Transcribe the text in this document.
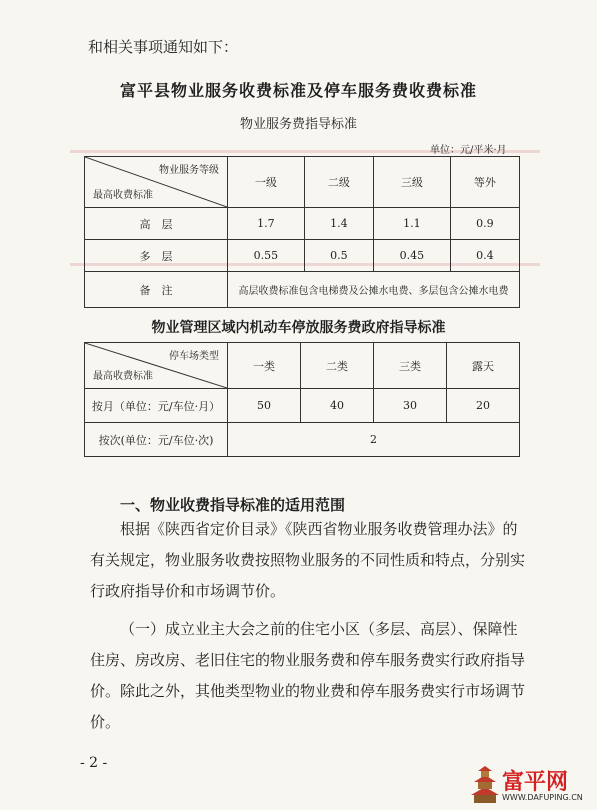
和相关事项通知如下：
富平县物业服务收费标准及停车服务费收费标准
物业服务费指导标准
单位：元/平米·月
物业服务等级
最高收费标准	一级	二级	三级	等外
高　层	1.7	1.4	1.1	0.9
多　层	0.55	0.5	0.45	0.4
备　注	高层收费标准包含电梯费及公摊水电费、多层包含公摊水电费			
物业管理区域内机动车停放服务费政府指导标准
停车场类型
最高收费标准	一类	二类	三类	露天
按月（单位：元/车位·月）	50	40	30	20
按次(单位：元/车位·次)	2			
一、物业收费指导标准的适用范围
根据《陕西省定价目录》《陕西省物业服务收费管理办法》的有关规定，物业服务收费按照物业服务的不同性质和特点，分别实行政府指导价和市场调节价。
（一）成立业主大会之前的住宅小区（多层、高层）、保障性住房、房改房、老旧住宅的物业服务费和停车服务费实行政府指导价。除此之外，其他类型物业的物业费和停车服务费实行市场调节价。
- 2 -
富平网
WWW.DAFUPING.CN
